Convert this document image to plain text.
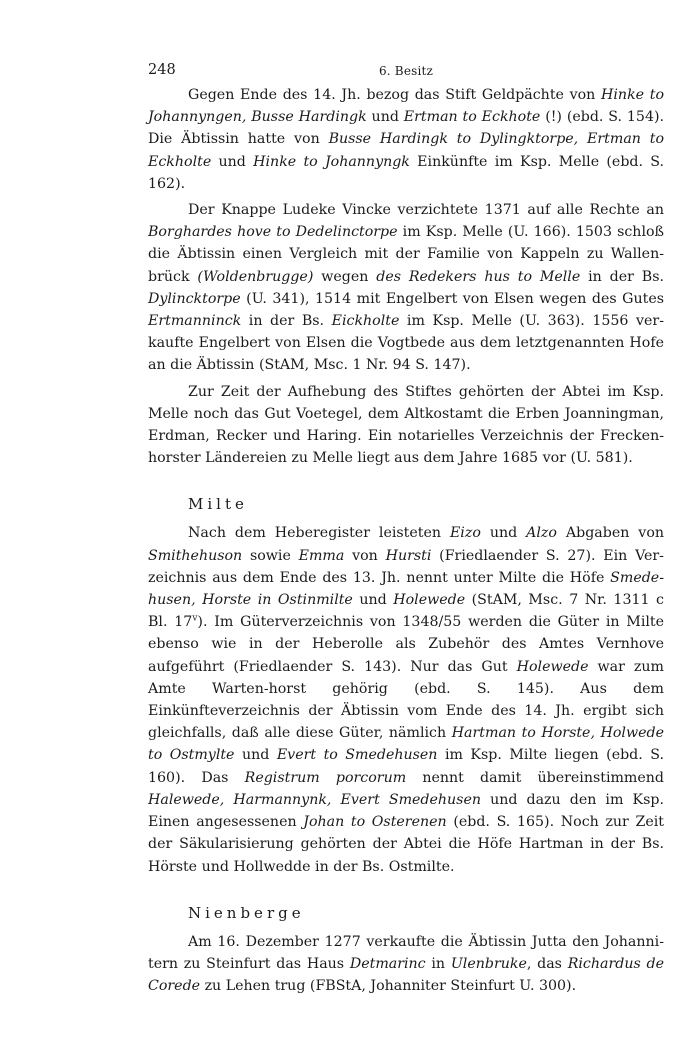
248	6. Besitz

Gegen Ende des 14. Jh. bezog das Stift Geldpächte von Hinke to Johannyngen, Busse Hardingk und Ertman to Eckhote (!) (ebd. S. 154). Die Äbtissin hatte von Busse Hardingk to Dylingktorpe, Ertman to Eckholte und Hinke to Johannyngk Einkünfte im Ksp. Melle (ebd. S. 162).

Der Knappe Ludeke Vincke verzichtete 1371 auf alle Rechte an Borghardes hove to Dedelinctorpe im Ksp. Melle (U. 166). 1503 schloß die Äbtissin einen Vergleich mit der Familie von Kappeln zu Wallen-brück (Woldenbrugge) wegen des Redekers hus to Melle in der Bs. Dylincktorpe (U. 341), 1514 mit Engelbert von Elsen wegen des Gutes Ertmanninck in der Bs. Eickholte im Ksp. Melle (U. 363). 1556 ver-kaufte Engelbert von Elsen die Vogtbede aus dem letztgenannten Hofe an die Äbtissin (StAM, Msc. 1 Nr. 94 S. 147).

Zur Zeit der Aufhebung des Stiftes gehörten der Abtei im Ksp. Melle noch das Gut Voetegel, dem Altkostamt die Erben Joanningman, Erdman, Recker und Haring. Ein notarielles Verzeichnis der Frecken-horster Ländereien zu Melle liegt aus dem Jahre 1685 vor (U. 581).

Milte

Nach dem Heberegister leisteten Eizo und Alzo Abgaben von Smithehuson sowie Emma von Hursti (Friedlaender S. 27). Ein Ver-zeichnis aus dem Ende des 13. Jh. nennt unter Milte die Höfe Smede-husen, Horste in Ostinmilte und Holewede (StAM, Msc. 7 Nr. 1311 c Bl. 17$^v$). Im Güterverzeichnis von 1348/55 werden die Güter in Milte ebenso wie in der Heberolle als Zubehör des Amtes Vernhove aufgeführt (Friedlaender S. 143). Nur das Gut Holewede war zum Amte Warten-horst gehörig (ebd. S. 145). Aus dem Einkünfteverzeichnis der Äbtissin vom Ende des 14. Jh. ergibt sich gleichfalls, daß alle diese Güter, nämlich Hartman to Horste, Holwede to Ostmylte und Evert to Smedehusen im Ksp. Milte liegen (ebd. S. 160). Das Registrum porcorum nennt damit übereinstimmend Halewede, Harmannynk, Evert Smedehusen und dazu den im Ksp. Einen angesessenen Johan to Osterenen (ebd. S. 165). Noch zur Zeit der Säkularisierung gehörten der Abtei die Höfe Hartman in der Bs. Hörste und Hollwedde in der Bs. Ostmilte.

Nienberge

Am 16. Dezember 1277 verkaufte die Äbtissin Jutta den Johanni-tern zu Steinfurt das Haus Detmarinc in Ulenbruke, das Richardus de Corede zu Lehen trug (FBStA, Johanniter Steinfurt U. 300).
